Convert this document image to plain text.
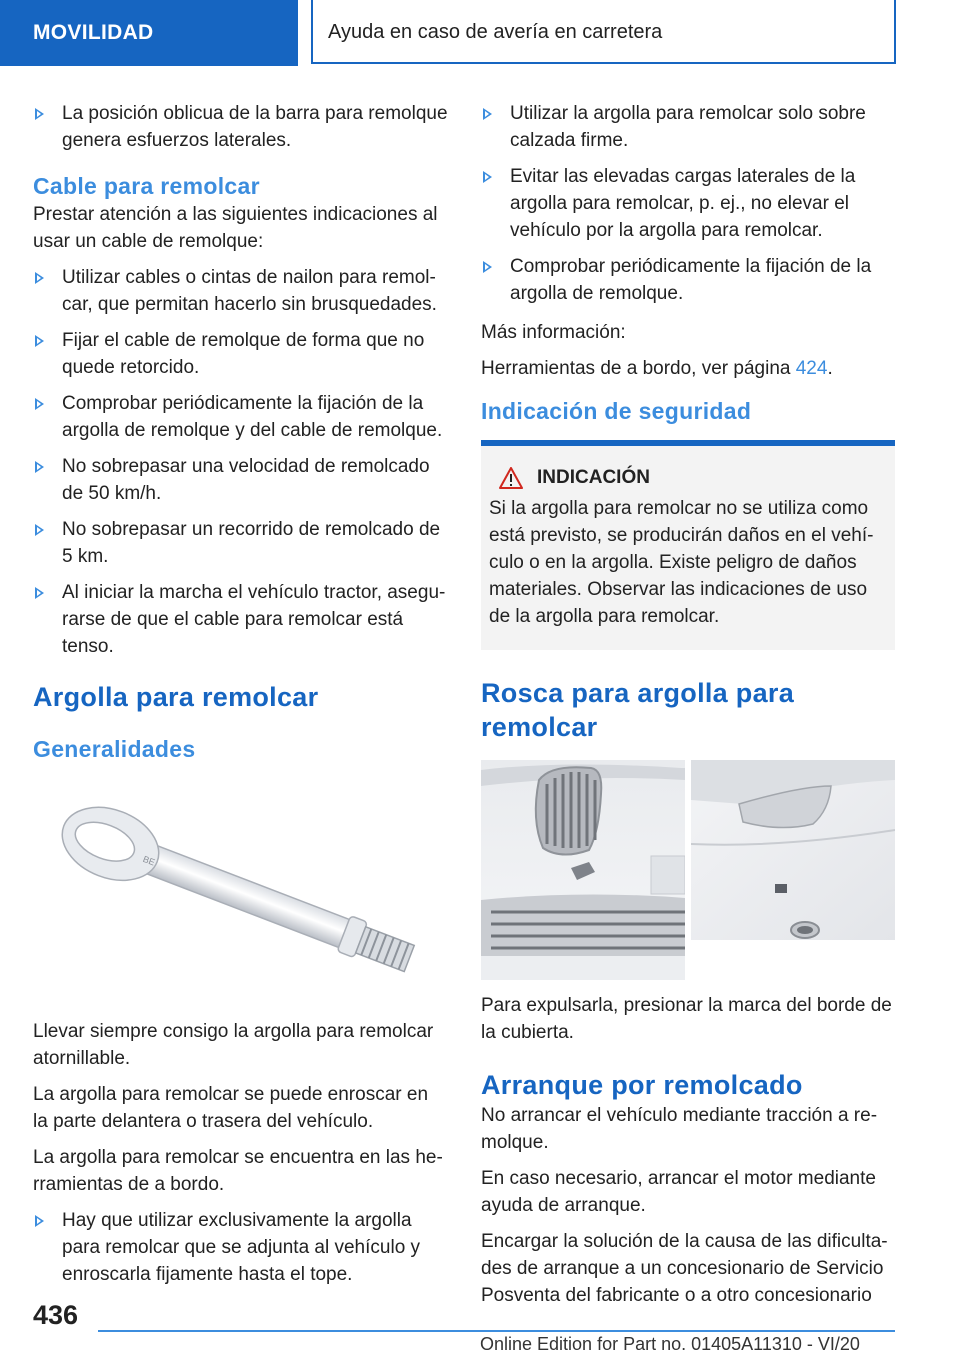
MOVILIDAD	Ayuda en caso de avería en carretera
La posición oblicua de la barra para remolque genera esfuerzos laterales.
Cable para remolcar

Prestar atención a las siguientes indicaciones al usar un cable de remolque:

Utilizar cables o cintas de nailon para remolcar, que permitan hacerlo sin brusquedades.
Fijar el cable de remolque de forma que no quede retorcido.
Comprobar periódicamente la fijación de la argolla de remolque y del cable de remolque.
No sobrepasar una velocidad de remolcado de 50 km/h.
No sobrepasar un recorrido de remolcado de 5 km.
Al iniciar la marcha el vehículo tractor, asegurarse de que el cable para remolcar está tenso.
Argolla para remolcar
Generalidades
BE

Llevar siempre consigo la argolla para remolcar atornillable.

La argolla para remolcar se puede enroscar en la parte delantera o trasera del vehículo.

La argolla para remolcar se encuentra en las herramientas de a bordo.

Hay que utilizar exclusivamente la argolla para remolcar que se adjunta al vehículo y enroscarla fijamente hasta el tope.
Utilizar la argolla para remolcar solo sobre calzada firme.
Evitar las elevadas cargas laterales de la argolla para remolcar, p. ej., no elevar el vehículo por la argolla para remolcar.
Comprobar periódicamente la fijación de la argolla de remolque.

Más información:

Herramientas de a bordo, ver página 424.

Indicación de seguridad
INDICACIÓN

Si la argolla para remolcar no se utiliza como está previsto, se producirán daños en el vehículo o en la argolla. Existe peligro de daños materiales. Observar las indicaciones de uso de la argolla para remolcar.

Rosca para argolla para remolcar

Para expulsarla, presionar la marca del borde de la cubierta.

Arranque por remolcado

No arrancar el vehículo mediante tracción a remolque.

En caso necesario, arrancar el motor mediante ayuda de arranque.

Encargar la solución de la causa de las dificultades de arranque a un concesionario de Servicio Posventa del fabricante o a otro concesionario

436
Online Edition for Part no. 01405A11310 - VI/20
